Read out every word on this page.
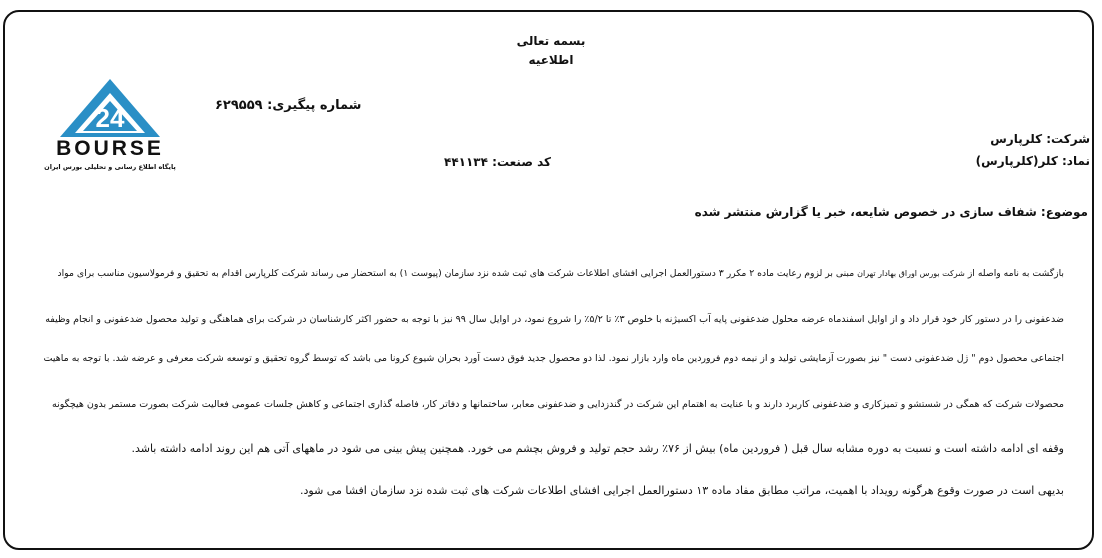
بسمه تعالی
اطلاعیه
24
BOURSE
پایگاه اطلاع رسانی و تحلیلی بورس ایران
شماره پیگیری: ۶۲۹۵۵۹
کد صنعت: ۴۴۱۱۳۴
شرکت: کلرپارس
نماد: کلر(کلرپارس)
موضوع: شفاف سازی در خصوص شایعه، خبر یا گزارش منتشر شده
بازگشت به نامه واصله از شرکت بورس اوراق بهادار تهران مبنی بر لزوم رعایت ماده ۲ مکرر ۳ دستورالعمل اجرایی افشای اطلاعات شرکت های ثبت شده نزد سازمان (پیوست ۱) به استحضار می رساند شرکت کلرپارس اقدام به تحقیق و فرمولاسیون مناسب برای مواد
ضدعفونی را در دستور کار خود قرار داد و از اوایل اسفندماه عرضه محلول ضدعفونی پایه آب اکسیژنه با خلوص ۳٪ تا ۵/۲٪ را شروع نمود، در اوایل سال ۹۹ نیز با توجه به حضور اکثر کارشناسان در شرکت برای هماهنگی و تولید محصول ضدعفونی و انجام وظیفه
اجتماعی محصول دوم " ژل ضدعفونی دست " نیز بصورت آزمایشی تولید و از نیمه دوم فروردین ماه وارد بازار نمود. لذا دو محصول جدید فوق دست آورد بحران شیوع کرونا می باشد که توسط گروه تحقیق و توسعه شرکت معرفی و عرضه شد. با توجه به ماهیت
محصولات شرکت که همگی در شستشو و تمیزکاری و ضدعفونی کاربرد دارند و با عنایت به اهتمام این شرکت در گندزدایی و ضدعفونی معابر، ساختمانها و دفاتر کار، فاصله گذاری اجتماعی و کاهش جلسات عمومی فعالیت شرکت بصورت مستمر بدون هیچگونه
وقفه ای ادامه داشته است و نسبت به دوره مشابه سال قبل ( فروردین ماه) بیش از ۷۶٪ رشد حجم تولید و فروش بچشم می خورد. همچنین پیش بینی می شود در ماههای آتی هم این روند ادامه داشته باشد.
بدیهی است در صورت وقوع هرگونه رویداد با اهمیت، مراتب مطابق مفاد ماده ۱۳ دستورالعمل اجرایی افشای اطلاعات شرکت های ثبت شده نزد سازمان افشا می شود.
